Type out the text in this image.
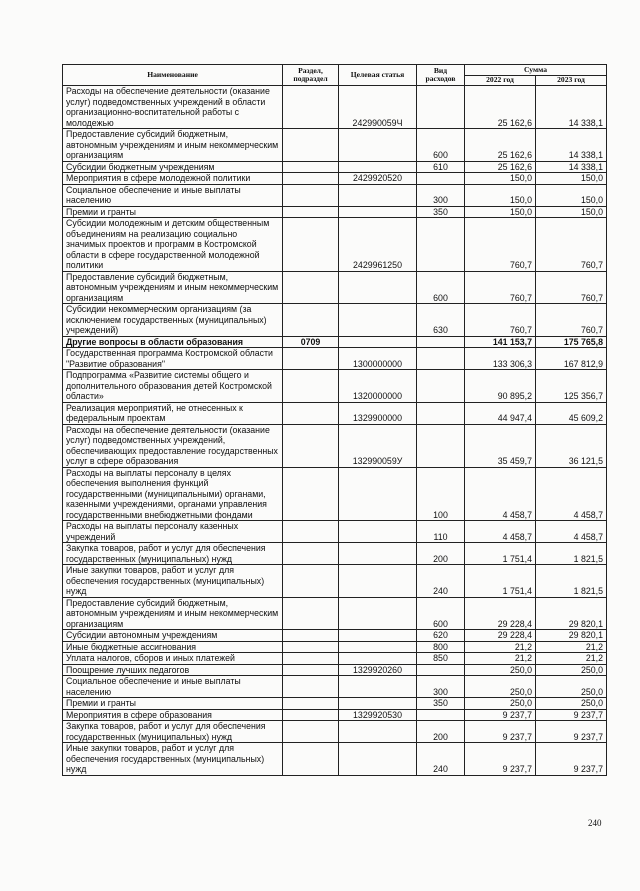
Наименование	Раздел, подраздел	Целевая статья	Вид расходов	Сумма	
				2022 год	2023 год
Расходы на обеспечение деятельности (оказание услуг) подведомственных учреждений в области организационно-воспитательной работы с молодежью		242990059Ч		25 162,6	14 338,1
Предоставление субсидий бюджетным, автономным учреждениям и иным некоммерческим организациям			600	25 162,6	14 338,1
Субсидии бюджетным учреждениям			610	25 162,6	14 338,1
Мероприятия в сфере молодежной политики		2429920520		150,0	150,0
Социальное обеспечение и иные выплаты населению			300	150,0	150,0
Премии и гранты			350	150,0	150,0
Субсидии молодежным и детским общественным объединениям на реализацию социально значимых проектов и программ в Костромской области в сфере государственной молодежной политики		2429961250		760,7	760,7
Предоставление субсидий бюджетным, автономным учреждениям и иным некоммерческим организациям			600	760,7	760,7
Субсидии некоммерческим организациям (за исключением государственных (муниципальных) учреждений)			630	760,7	760,7
Другие вопросы в области образования	0709			141 153,7	175 765,8
Государственная программа Костромской области "Развитие образования"		1300000000		133 306,3	167 812,9
Подпрограмма «Развитие системы общего и дополнительного образования детей Костромской области»		1320000000		90 895,2	125 356,7
Реализация мероприятий, не отнесенных к федеральным проектам		1329900000		44 947,4	45 609,2
Расходы на обеспечение деятельности (оказание услуг) подведомственных учреждений, обеспечивающих предоставление государственных услуг в сфере образования		132990059У		35 459,7	36 121,5
Расходы на выплаты персоналу в целях обеспечения выполнения функций государственными (муниципальными) органами, казенными учреждениями, органами управления государственными внебюджетными фондами			100	4 458,7	4 458,7
Расходы на выплаты персоналу казенных учреждений			110	4 458,7	4 458,7
Закупка товаров, работ и услуг для обеспечения государственных (муниципальных) нужд			200	1 751,4	1 821,5
Иные закупки товаров, работ и услуг для обеспечения государственных (муниципальных) нужд			240	1 751,4	1 821,5
Предоставление субсидий бюджетным, автономным учреждениям и иным некоммерческим организациям			600	29 228,4	29 820,1
Субсидии автономным учреждениям			620	29 228,4	29 820,1
Иные бюджетные ассигнования			800	21,2	21,2
Уплата налогов, сборов и иных платежей			850	21,2	21,2
Поощрение лучших педагогов		1329920260		250,0	250,0
Социальное обеспечение и иные выплаты населению			300	250,0	250,0
Премии и гранты			350	250,0	250,0
Мероприятия в сфере образования		1329920530		9 237,7	9 237,7
Закупка товаров, работ и услуг для обеспечения государственных (муниципальных) нужд			200	9 237,7	9 237,7
Иные закупки товаров, работ и услуг для обеспечения государственных (муниципальных) нужд			240	9 237,7	9 237,7
240
